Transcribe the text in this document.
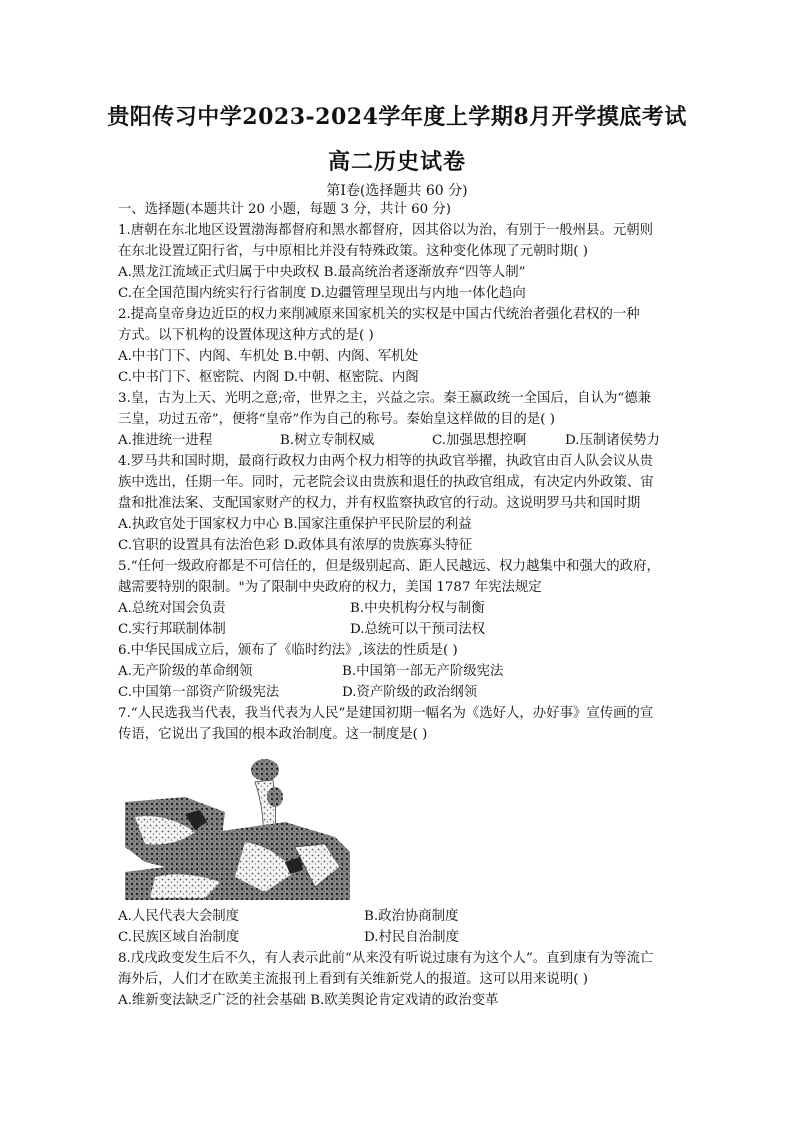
贵阳传习中学2023-2024学年度上学期8月开学摸底考试
高二历史试卷
第Ⅰ卷(选择题共 60 分)
一、选择题(本题共计 20 小题，每题 3 分，共计 60 分)
1.唐朝在东北地区设置渤海都督府和黑水都督府，因其俗以为治，有别于一般州县。元朝则
在东北设置辽阳行省，与中原相比并没有特殊政策。这种变化体现了元朝时期( )
A.黑龙江流域正式归属于中央政权 B.最高统治者逐渐放弃“四等人制”
C.在全国范围内统实行行省制度 D.边疆管理呈现出与内地一体化趋向
2.提高皇帝身边近臣的权力来削减原来国家机关的实权是中国古代统治者强化君权的一种
方式。以下机构的设置体现这种方式的是( )
A.中书门下、内阁、车机处 B.中朝、内阁、军机处
C.中书门下、枢密院、内阁 D.中朝、枢密院、内阁
3.皇，古为上天、光明之意;帝，世界之主，兴益之宗。秦王嬴政统一全国后，自认为“德兼
三皇，功过五帝”，便将“皇帝”作为自己的称号。秦始皇这样做的目的是( )
A.推进统一进程	B.树立专制权威	C.加强思想控啊	D.压制诸侯势力
4.罗马共和国时期，最商行政权力由两个权力相等的执政官举擢，执政官由百人队会议从贵
族中选出，任期一年。同时，元老院会议由贵族和退任的执政官组成，有决定内外政策、宙
盘和批准法案、支配国家财产的权力，并有权监察执政官的行动。这说明罗马共和国时期
A.执政官处于国家权力中心 B.国家注重保护平民阶层的利益
C.官职的设置具有法治色彩 D.政体具有浓厚的贵族寡头特征
5.“任何一级政府都是不可信任的，但是级别起高、距人民越远、权力越集中和强大的政府，
越需要特别的限制。"为了限制中央政府的权力，美国 1787 年宪法规定
A.总统对国会负责	B.中央机构分权与制衡
C.实行邦联制体制	D.总统可以干预司法权
6.中华民国成立后，颁布了《临时约法》,该法的性质是( )
A.无产阶级的革命纲领	B.中国第一部无产阶级宪法
C.中国第一部资产阶级宪法	D.资产阶级的政治纲领
7.“人民选我当代表，我当代表为人民”是建国初期一幅名为《选好人，办好事》宣传画的宣
传语，它说出了我国的根本政治制度。这一制度是( )
A.人民代表大会制度	B.政治协商制度
C.民族区域自治制度	D.村民自治制度
8.戊戌政变发生后不久，有人表示此前“从来没有听说过康有为这个人”。直到康有为等流亡
海外后，人们才在欧美主流报刊上看到有关维新党人的报道。这可以用来说明( )
A.维新变法缺乏广泛的社会基础 B.欧美舆论肯定戏请的政治变革
